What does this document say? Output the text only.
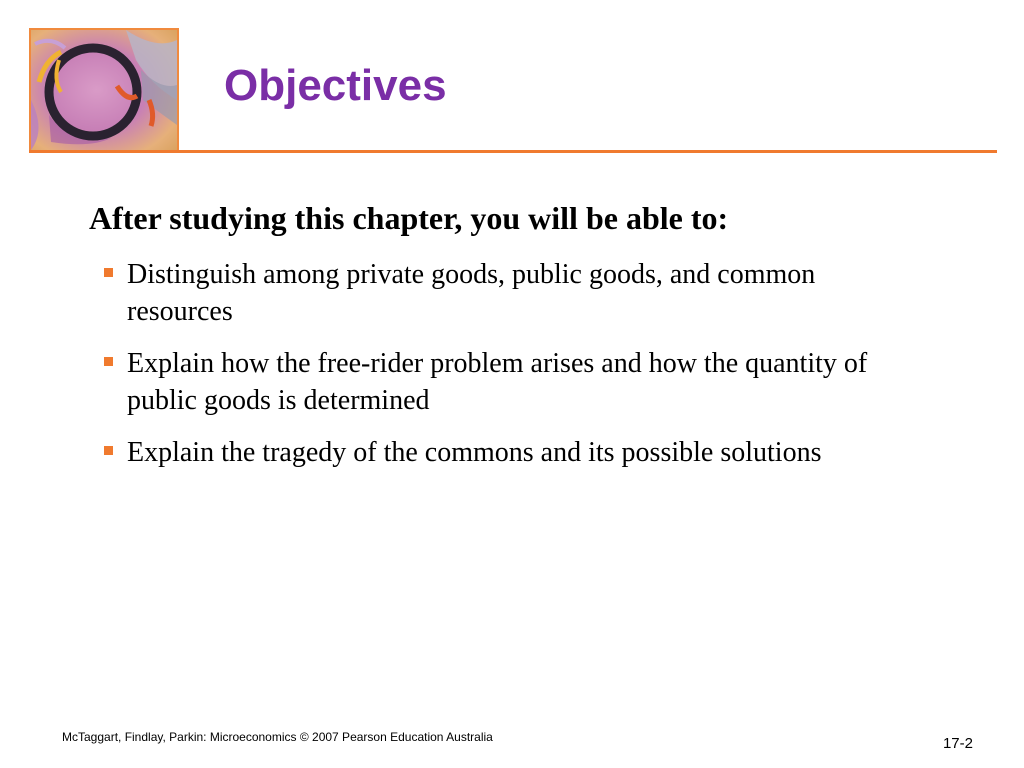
Objectives

After studying this chapter, you will be able to:

Distinguish among private goods, public goods, and common resources
Explain how the free-rider problem arises and how the quantity of public goods is determined
Explain the tragedy of the commons and its possible solutions
McTaggart, Findlay, Parkin: Microeconomics © 2007 Pearson Education Australia	17-2
